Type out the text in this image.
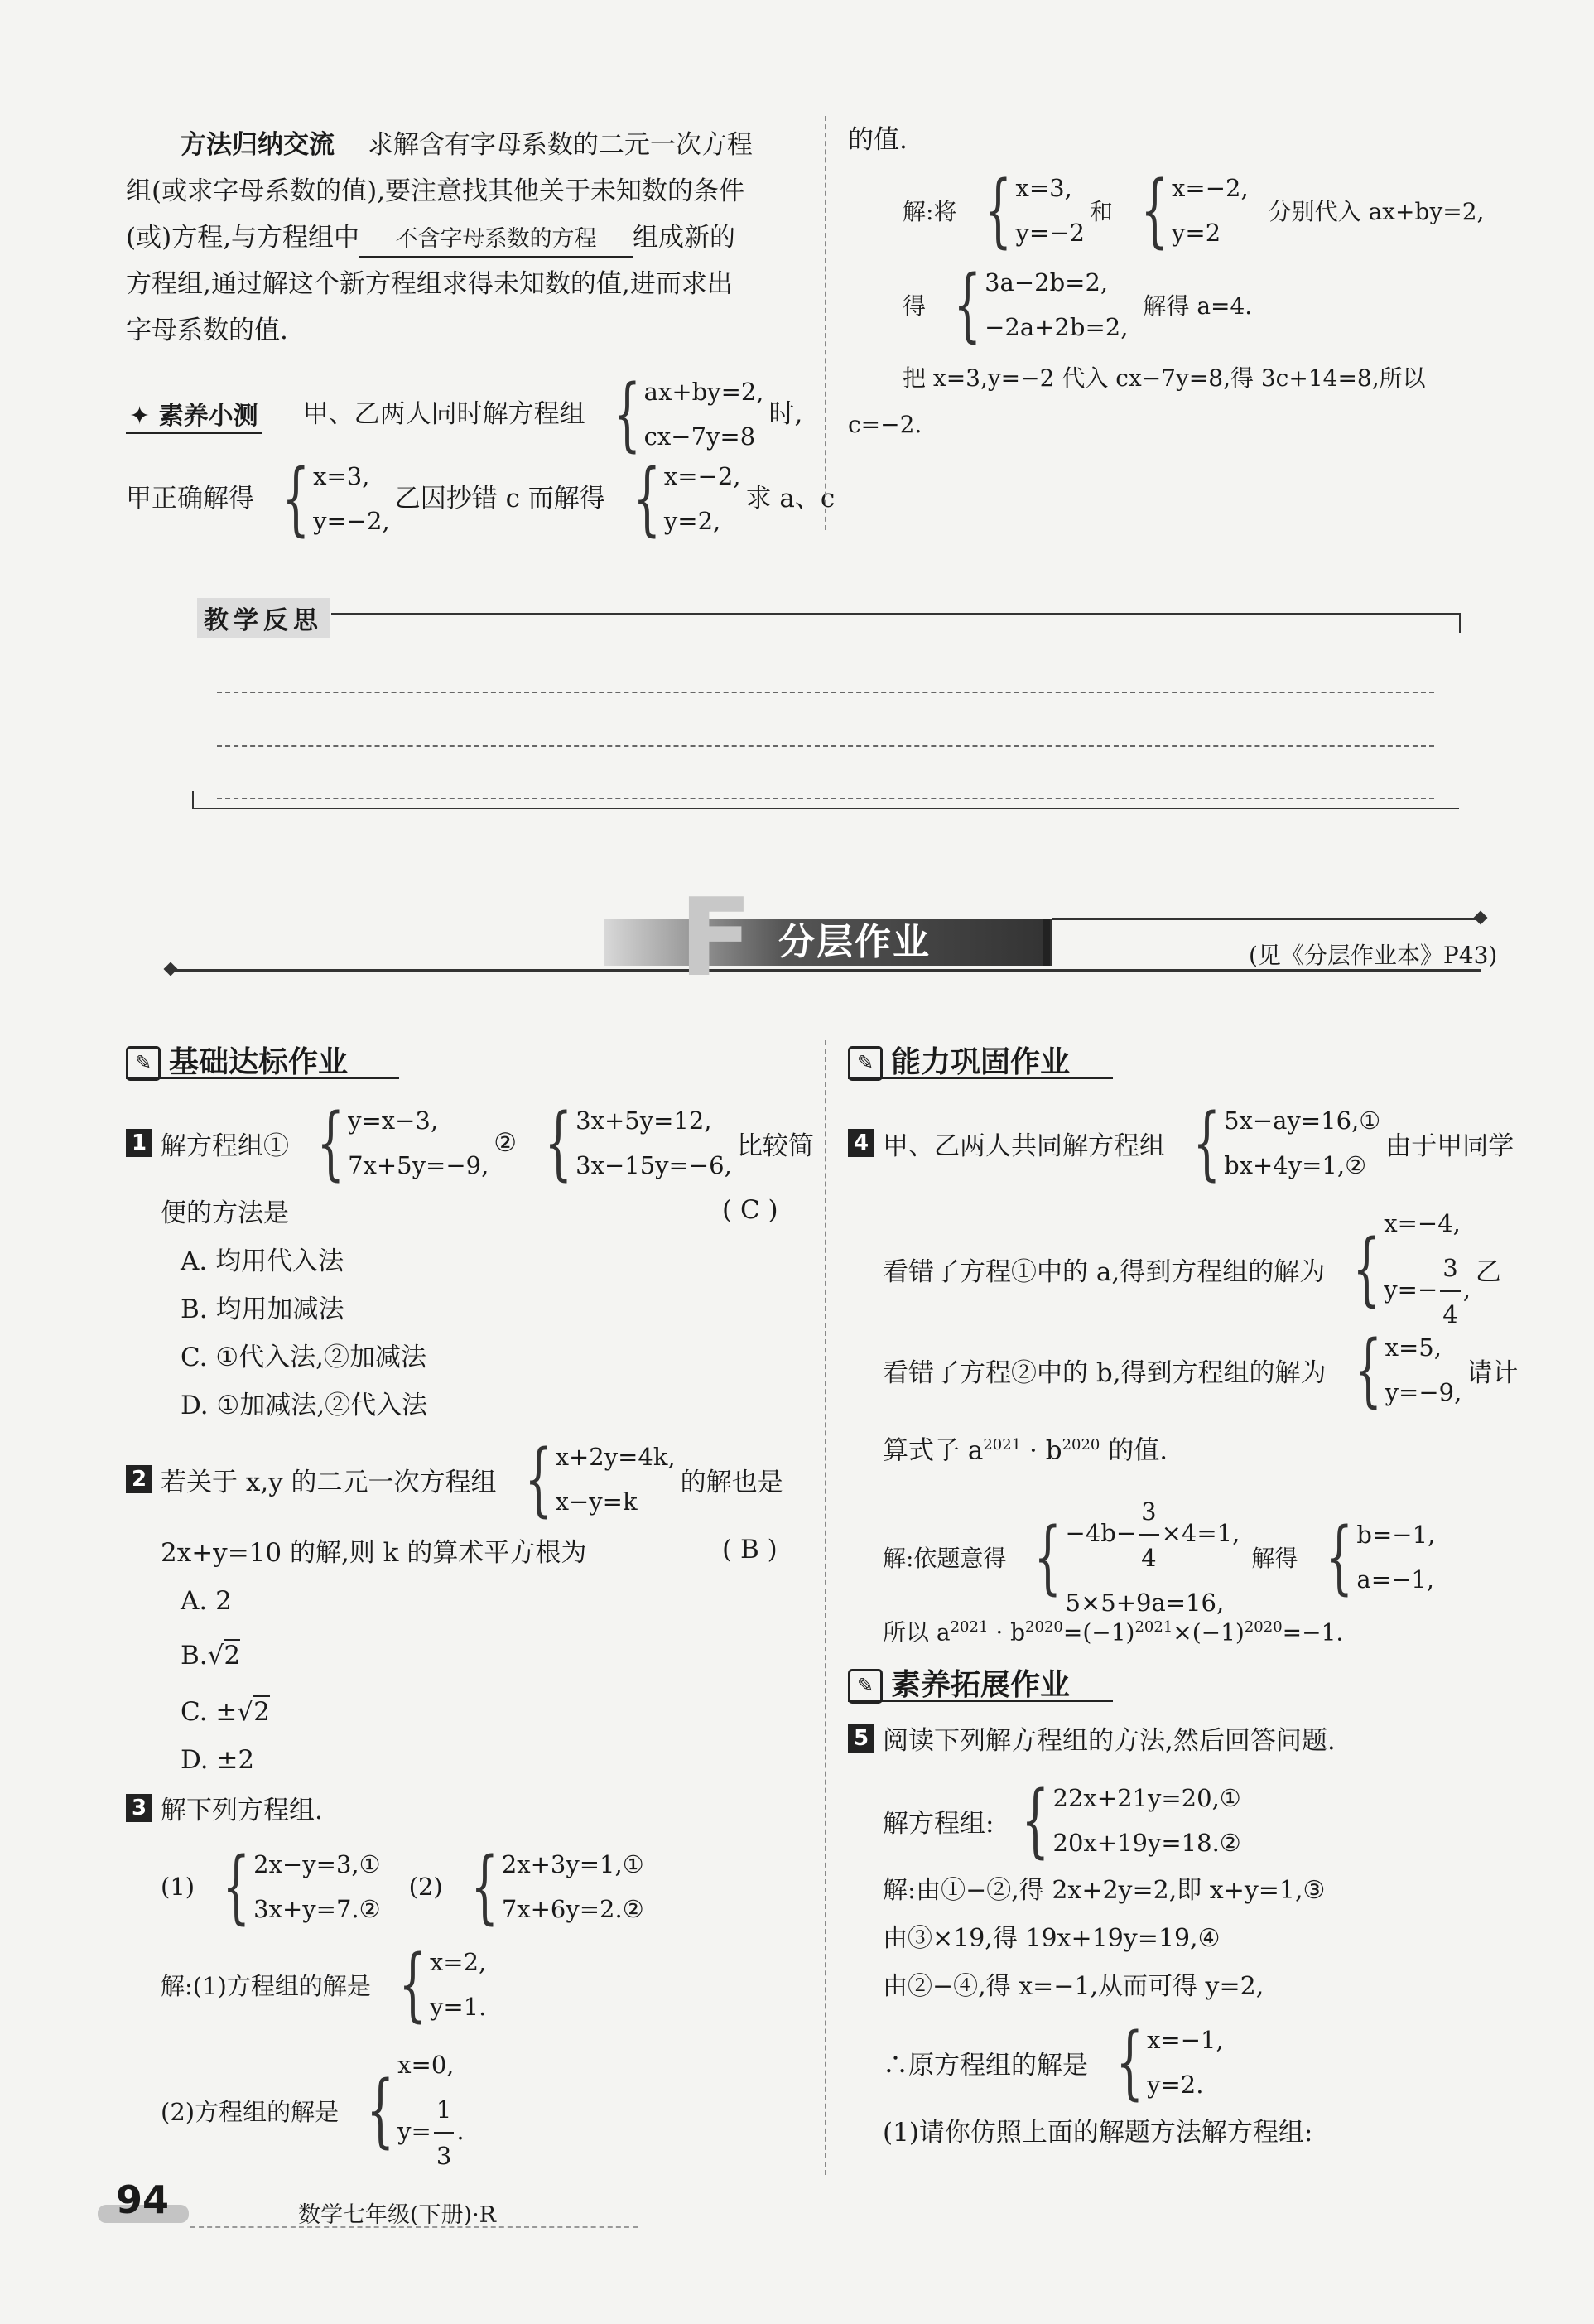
方法归纳交流 求解含有字母系数的二元一次方程
组(或求字母系数的值),要注意找其他关于未知数的条件
(或)方程,与方程组中 不含字母系数的方程 组成新的
方程组,通过解这个新方程组求得未知数的值,进而求出
字母系数的值.
✦ 素养小测 甲、乙两人同时解方程组 { ax+by=2,
cx−7y=8
时,
甲正确解得 { x=3,
y=−2,
乙因抄错 c 而解得 { x=−2,
y=2,
求 a、c
的值.
解:将 { x=3,
y=−2
和 { x=−2,
y=2
分别代入 ax+by=2,
得 { 3a−2b=2,
−2a+2b=2,
解得 a=4.
把 x=3,y=−2 代入 cx−7y=8,得 3c+14=8,所以
c=−2.
教学反思
F 分层作业	(见《分层作业本》P43)
✎ 基础达标作业
1 解方程组① { y=x−3,
7x+5y=−9,
② { 3x+5y=12,
3x−15y=−6,
比较简
便的方法是	( C )
A. 均用代入法
B. 均用加减法
C. ①代入法,②加减法
D. ①加减法,②代入法
2 若关于 x,y 的二元一次方程组 { x+2y=4k,
x−y=k
的解也是
2x+y=10 的解,则 k 的算术平方根为	( B )
A. 2
B.√2
C. ±√2
D. ±2
3 解下列方程组.
(1) { 2x−y=3,①
3x+y=7.②
(2) { 2x+3y=1,①
7x+6y=2.②
解:(1)方程组的解是 { x=2,
y=1.
(2)方程组的解是 { x=0,
$y= \frac{1}{3}$ .
✎ 能力巩固作业
4 甲、乙两人共同解方程组 { 5x−ay=16,①
bx+4y=1,②
由于甲同学
看错了方程①中的 a,得到方程组的解为 { x=−4,
$y=- \frac{3}{4}$ ,
乙
看错了方程②中的 b,得到方程组的解为 { x=5,
y=−9,
请计
算式子 $a^{2021} \cdot b^{2020}$ 的值.
解:依题意得 { $-4b- \frac{3}{4} \times 4=1$,
5×5+9a=16,
解得 { b=−1,
a=−1,
所以 $a^{2021} \cdot b^{2020}=(-1)^{2021}\times(-1)^{2020}=-1$.
✎ 素养拓展作业
5 阅读下列解方程组的方法,然后回答问题.
解方程组: { 22x+21y=20,①
20x+19y=18.②
解:由①−②,得 2x+2y=2,即 x+y=1,③
由③×19,得 19x+19y=19,④
由②−④,得 x=−1,从而可得 y=2,
∴原方程组的解是 { x=−1,
y=2.
(1)请你仿照上面的解题方法解方程组:
94	数学七年级(下册)·R
